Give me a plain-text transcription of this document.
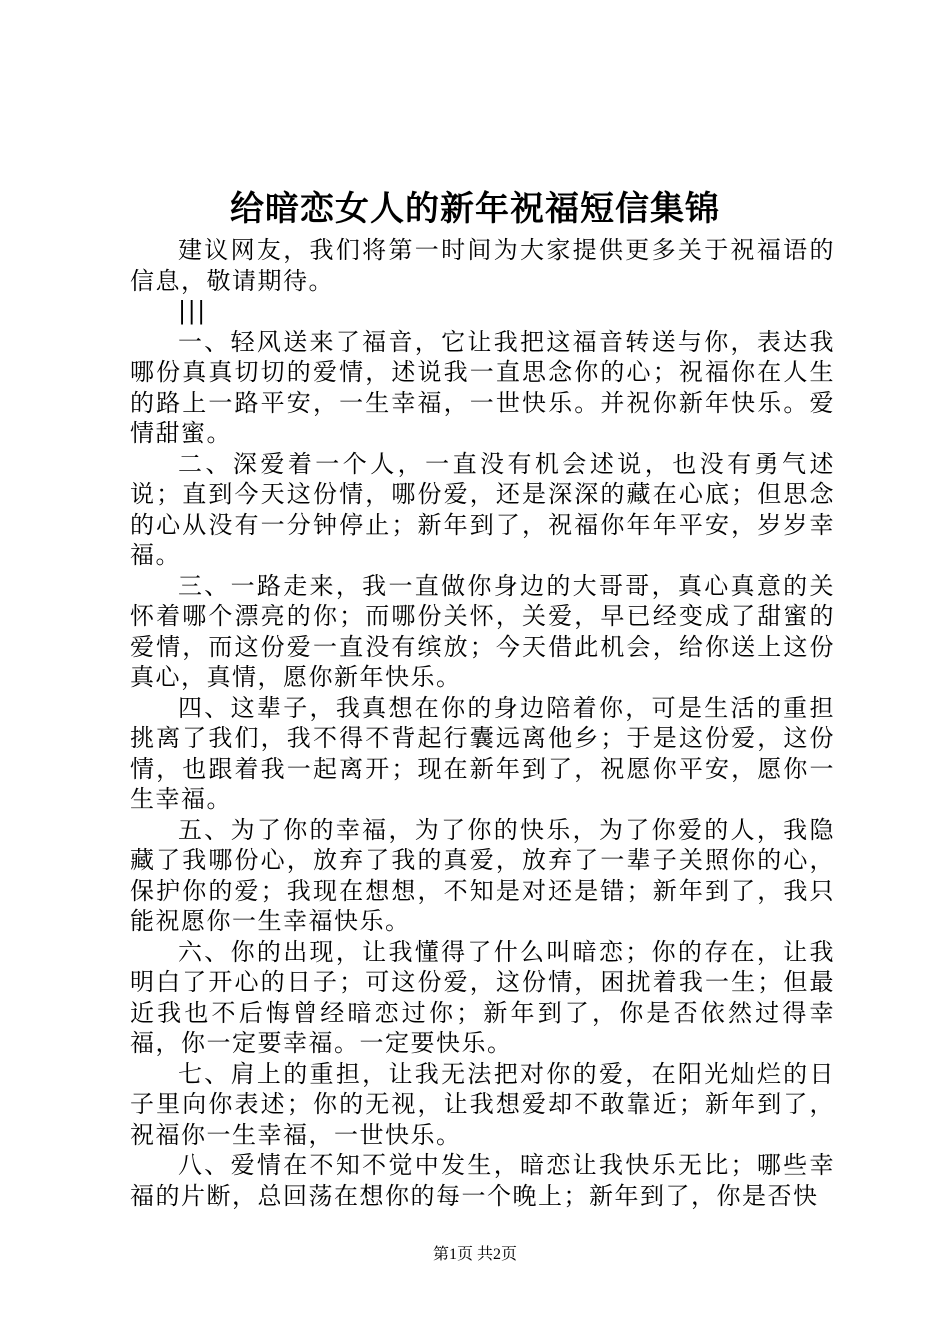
给暗恋女人的新年祝福短信集锦

建议网友，我们将第一时间为大家提供更多关于祝福语的信息，敬请期待。

|||

一、轻风送来了福音，它让我把这福音转送与你，表达我哪份真真切切的爱情，述说我一直思念你的心；祝福你在人生的路上一路平安，一生幸福，一世快乐。并祝你新年快乐。爱情甜蜜。

二、深爱着一个人，一直没有机会述说，也没有勇气述说；直到今天这份情，哪份爱，还是深深的藏在心底；但思念的心从没有一分钟停止；新年到了，祝福你年年平安，岁岁幸福。

三、一路走来，我一直做你身边的大哥哥，真心真意的关怀着哪个漂亮的你；而哪份关怀，关爱，早已经变成了甜蜜的爱情，而这份爱一直没有缤放；今天借此机会，给你送上这份真心，真情，愿你新年快乐。

四、这辈子，我真想在你的身边陪着你，可是生活的重担挑离了我们，我不得不背起行囊远离他乡；于是这份爱，这份情，也跟着我一起离开；现在新年到了，祝愿你平安，愿你一生幸福。

五、为了你的幸福，为了你的快乐，为了你爱的人，我隐藏了我哪份心，放弃了我的真爱，放弃了一辈子关照你的心，保护你的爱；我现在想想，不知是对还是错；新年到了，我只能祝愿你一生幸福快乐。

六、你的出现，让我懂得了什么叫暗恋；你的存在，让我明白了开心的日子；可这份爱，这份情，困扰着我一生；但最近我也不后悔曾经暗恋过你；新年到了，你是否依然过得幸福，你一定要幸福。一定要快乐。

七、肩上的重担，让我无法把对你的爱，在阳光灿烂的日子里向你表述；你的无视，让我想爱却不敢靠近；新年到了，祝福你一生幸福，一世快乐。

八、爱情在不知不觉中发生，暗恋让我快乐无比；哪些幸福的片断，总回荡在想你的每一个晚上；新年到了，你是否快

第1页 共2页
